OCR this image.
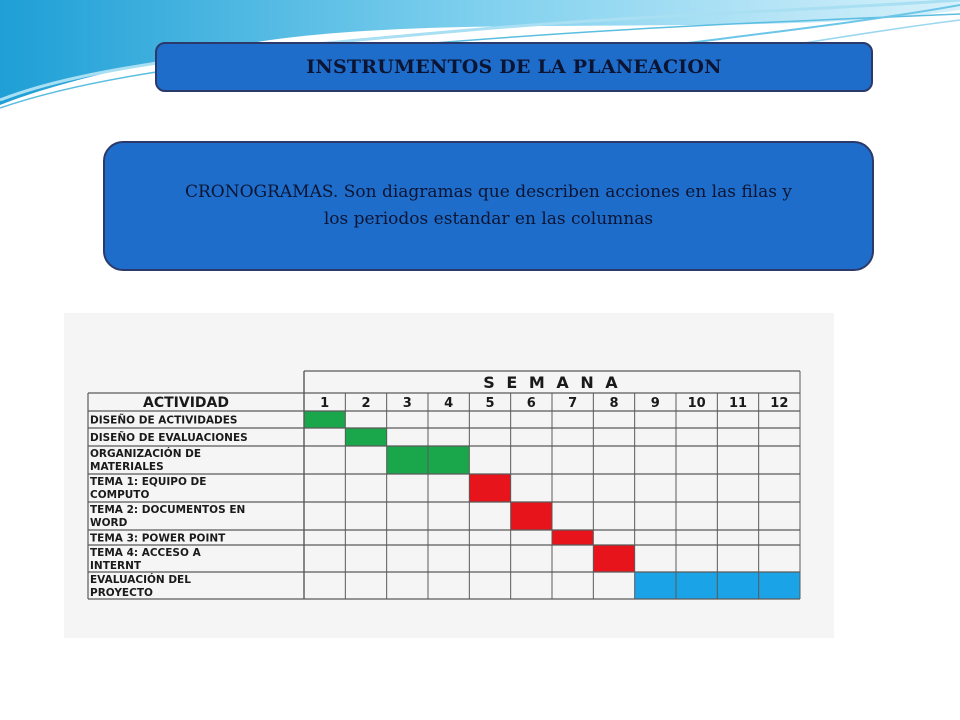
INSTRUMENTOS DE LA PLANEACION
CRONOGRAMAS. Son diagramas que describen acciones en las filas y
los periodos estandar en las columnas
S E M A N A
ACTIVIDAD	1 2 3 4 5 6 7 8 9 10 11 12
DISEÑO DE ACTIVIDADES
DISEÑO DE EVALUACIONES
ORGANIZACIÓN DE
MATERIALES
TEMA 1: EQUIPO DE
COMPUTO
TEMA 2: DOCUMENTOS EN
WORD
TEMA 3: POWER POINT
TEMA 4: ACCESO A
INTERNT
EVALUACIÓN DEL
PROYECTO
